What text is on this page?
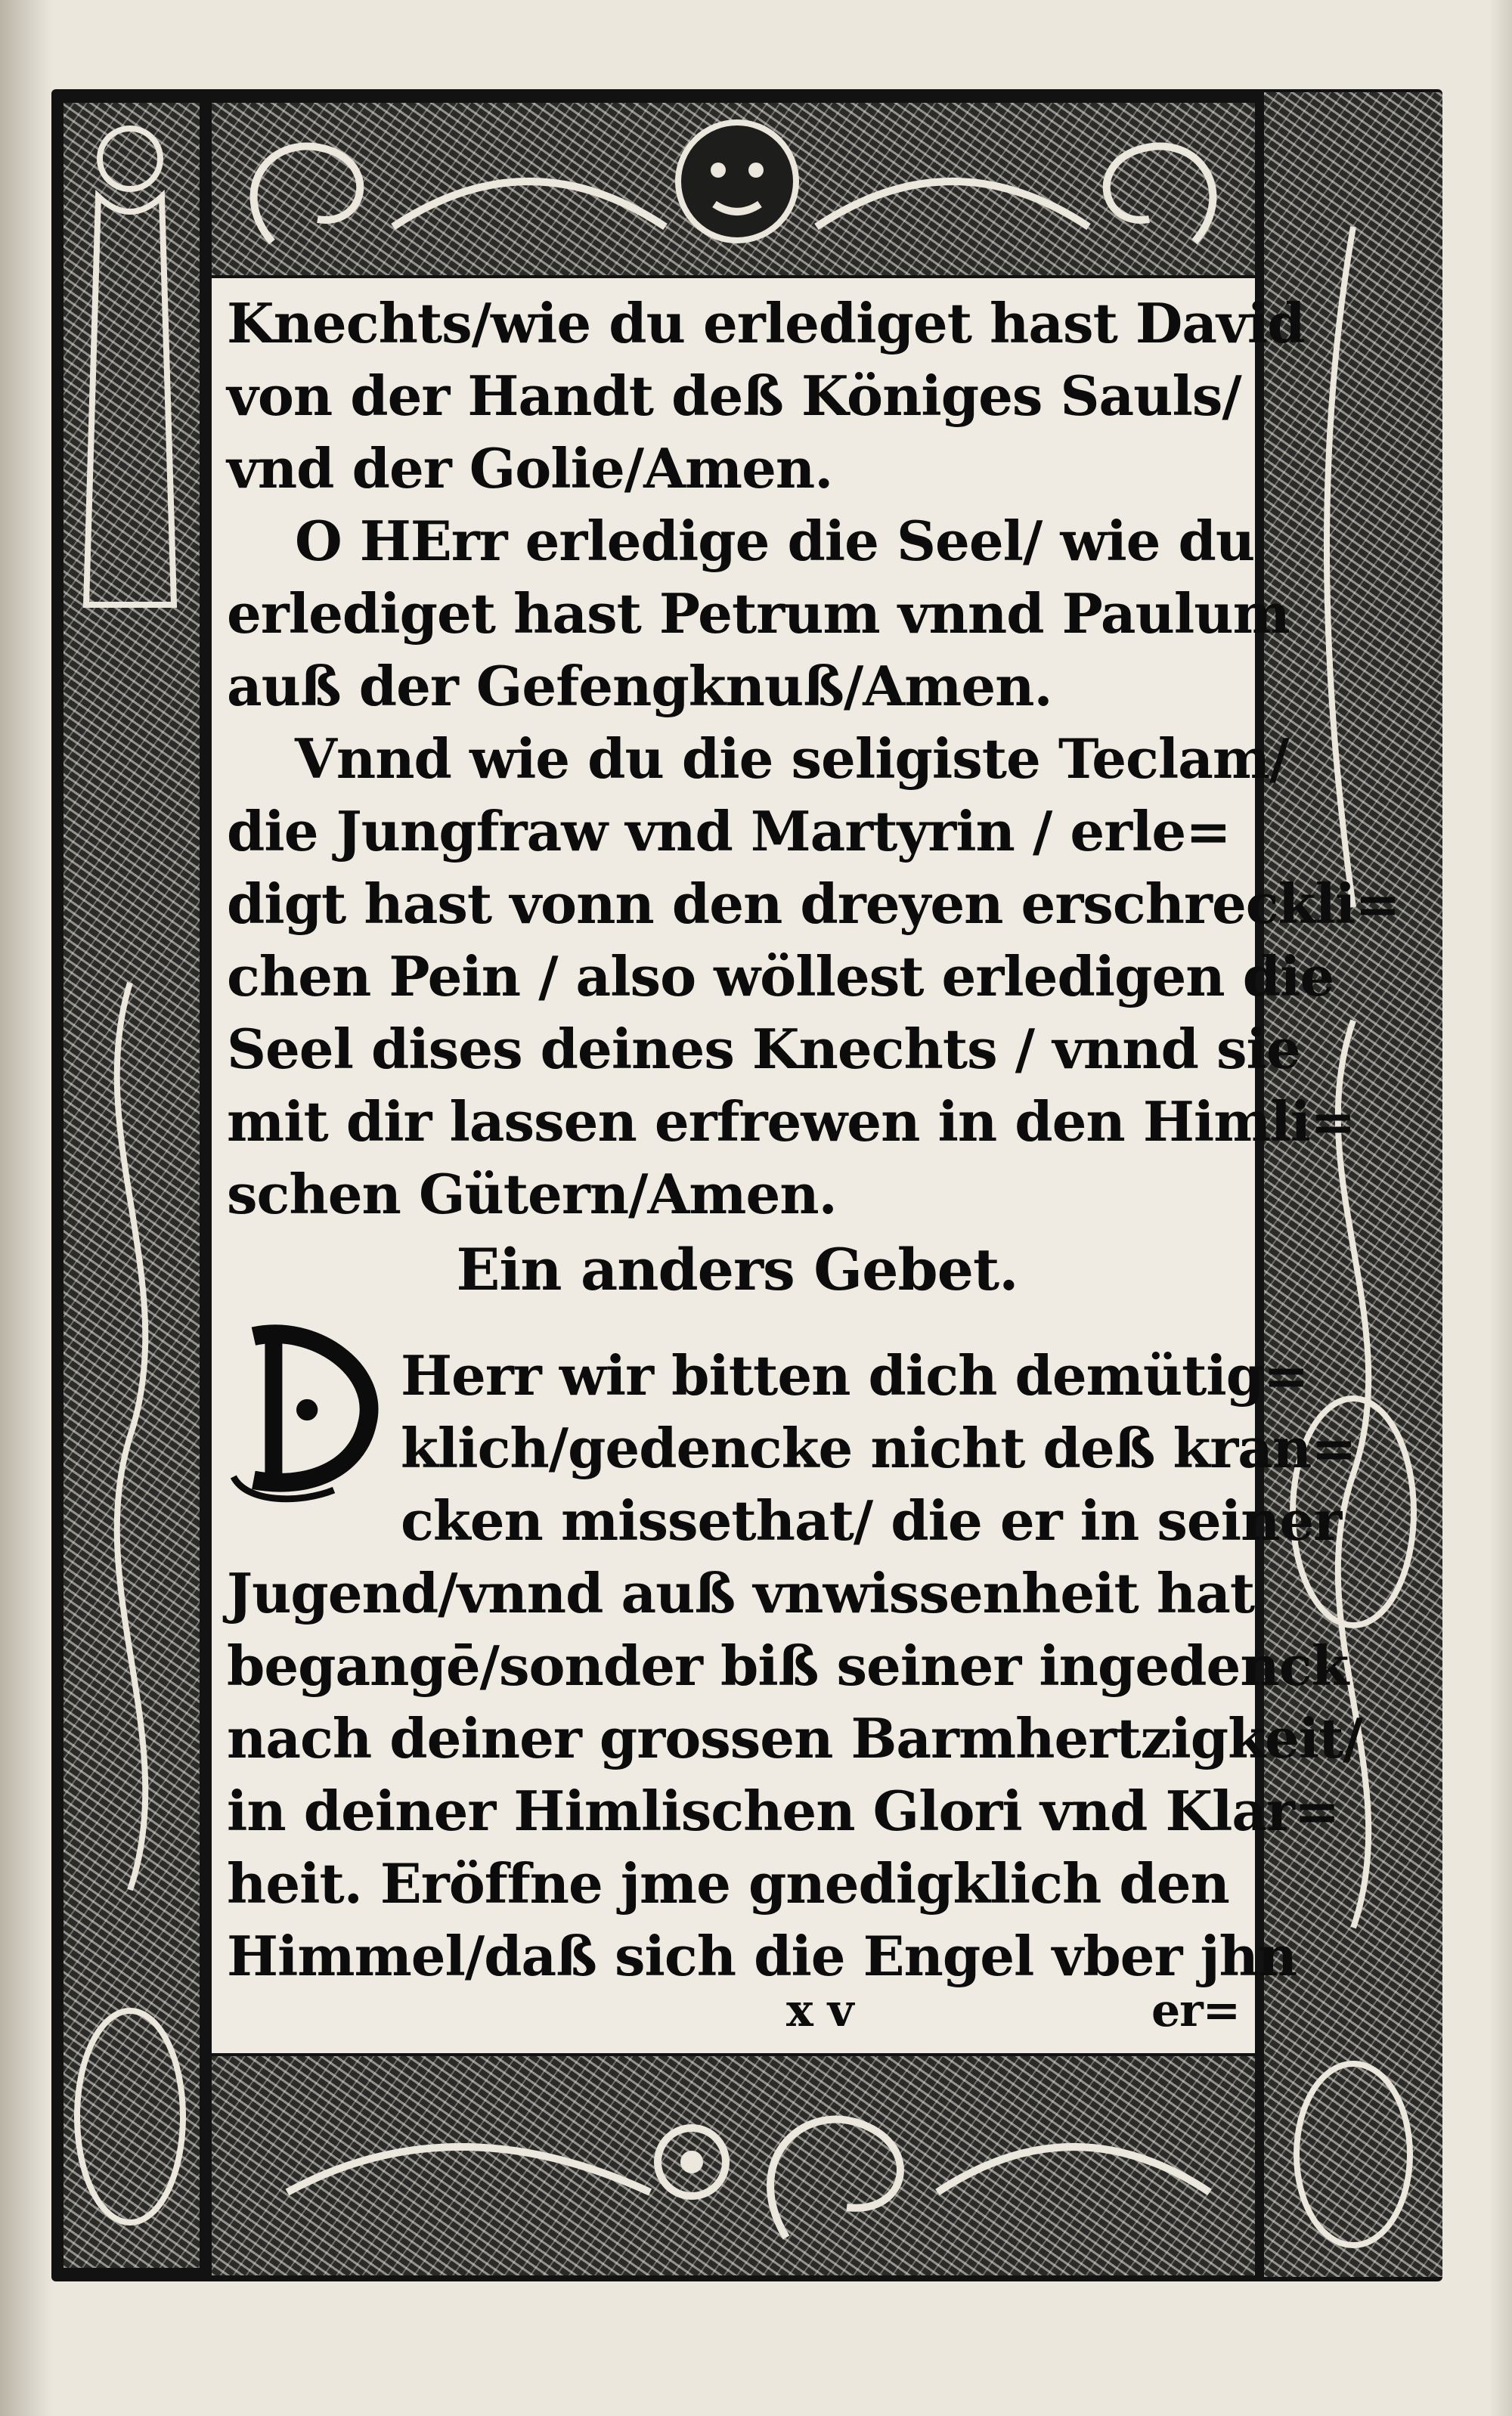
Knechts/wie du erlediget hast David
von der Handt deß Königes Sauls/
vnd der Golie/Amen.
O HErr erledige die Seel/ wie du
erlediget hast Petrum vnnd Paulum
auß der Gefengknuß/Amen.
Vnnd wie du die seligiste Teclam/
die Jungfraw vnd Martyrin / erle=
digt hast vonn den dreyen erschreckli=
chen Pein / also wöllest erledigen die
Seel dises deines Knechts / vnnd sie
mit dir lassen erfrewen in den Himli=
schen Gütern/Amen.
Ein anders Gebet.
Herr wir bitten dich demütig=
klich/gedencke nicht deß kran=
cken missethat/ die er in seiner
Jugend/vnnd auß vnwissenheit hat
begangē/sonder biß seiner ingedenck
nach deiner grossen Barmhertzigkeit/
in deiner Himlischen Glori vnd Klar=
heit. Eröffne jme gnedigklich den
Himmel/daß sich die Engel vber jhn
x v	er=
